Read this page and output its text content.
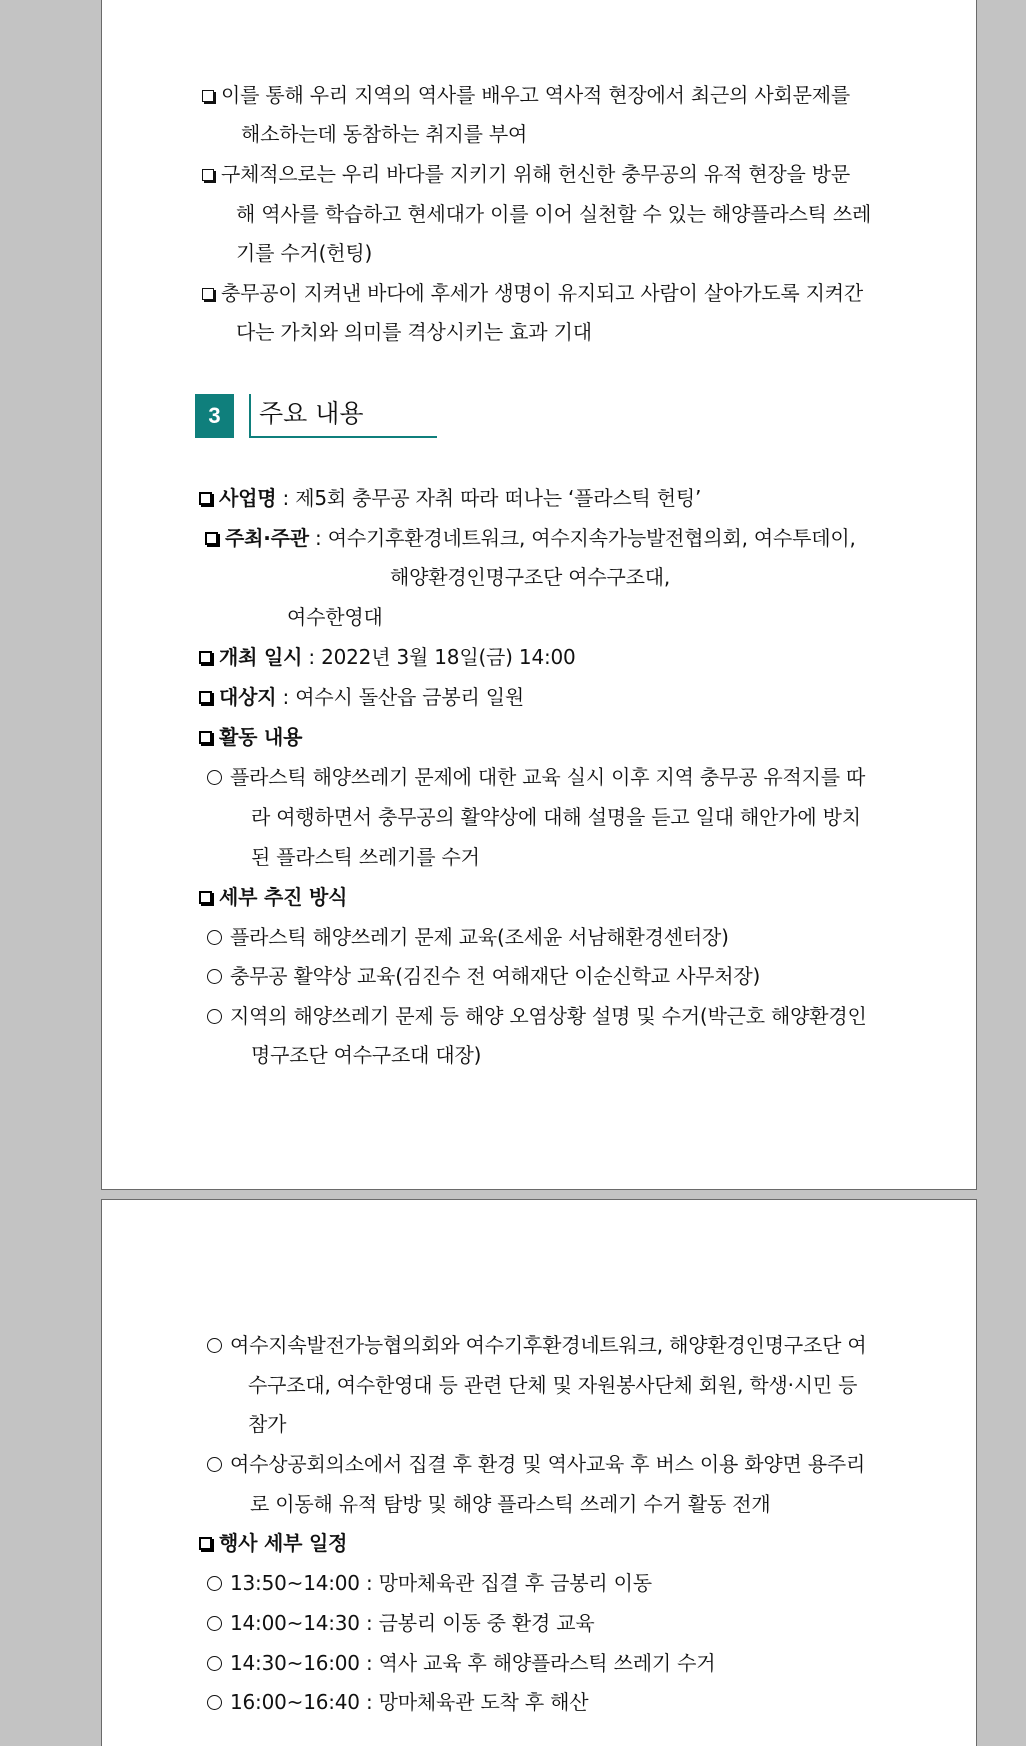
이를 통해 우리 지역의 역사를 배우고 역사적 현장에서 최근의 사회문제를
해소하는데 동참하는 취지를 부여
구체적으로는 우리 바다를 지키기 위해 헌신한 충무공의 유적 현장을 방문
해 역사를 학습하고 현세대가 이를 이어 실천할 수 있는 해양플라스틱 쓰레
기를 수거(헌팅)
충무공이 지켜낸 바다에 후세가 생명이 유지되고 사람이 살아가도록 지켜간
다는 가치와 의미를 격상시키는 효과 기대
3	주요 내용
사업명 : 제5회 충무공 자취 따라 떠나는 ‘플라스틱 헌팅’
주최·주관 : 여수기후환경네트워크, 여수지속가능발전협의회, 여수투데이,
해양환경인명구조단 여수구조대,
여수한영대
개최 일시 : 2022년 3월 18일(금) 14:00
대상지 : 여수시 돌산읍 금봉리 일원
활동 내용
플라스틱 해양쓰레기 문제에 대한 교육 실시 이후 지역 충무공 유적지를 따
라 여행하면서 충무공의 활약상에 대해 설명을 듣고 일대 해안가에 방치
된 플라스틱 쓰레기를 수거
세부 추진 방식
플라스틱 해양쓰레기 문제 교육(조세윤 서남해환경센터장)
충무공 활약상 교육(김진수 전 여해재단 이순신학교 사무처장)
지역의 해양쓰레기 문제 등 해양 오염상황 설명 및 수거(박근호 해양환경인
명구조단 여수구조대 대장)
여수지속발전가능협의회와 여수기후환경네트워크, 해양환경인명구조단 여
수구조대, 여수한영대 등 관련 단체 및 자원봉사단체 회원, 학생·시민 등
참가
여수상공회의소에서 집결 후 환경 및 역사교육 후 버스 이용 화양면 용주리
로 이동해 유적 탐방 및 해양 플라스틱 쓰레기 수거 활동 전개
행사 세부 일정
13:50~14:00 : 망마체육관 집결 후 금봉리 이동
14:00~14:30 : 금봉리 이동 중 환경 교육
14:30~16:00 : 역사 교육 후 해양플라스틱 쓰레기 수거
16:00~16:40 : 망마체육관 도착 후 해산
